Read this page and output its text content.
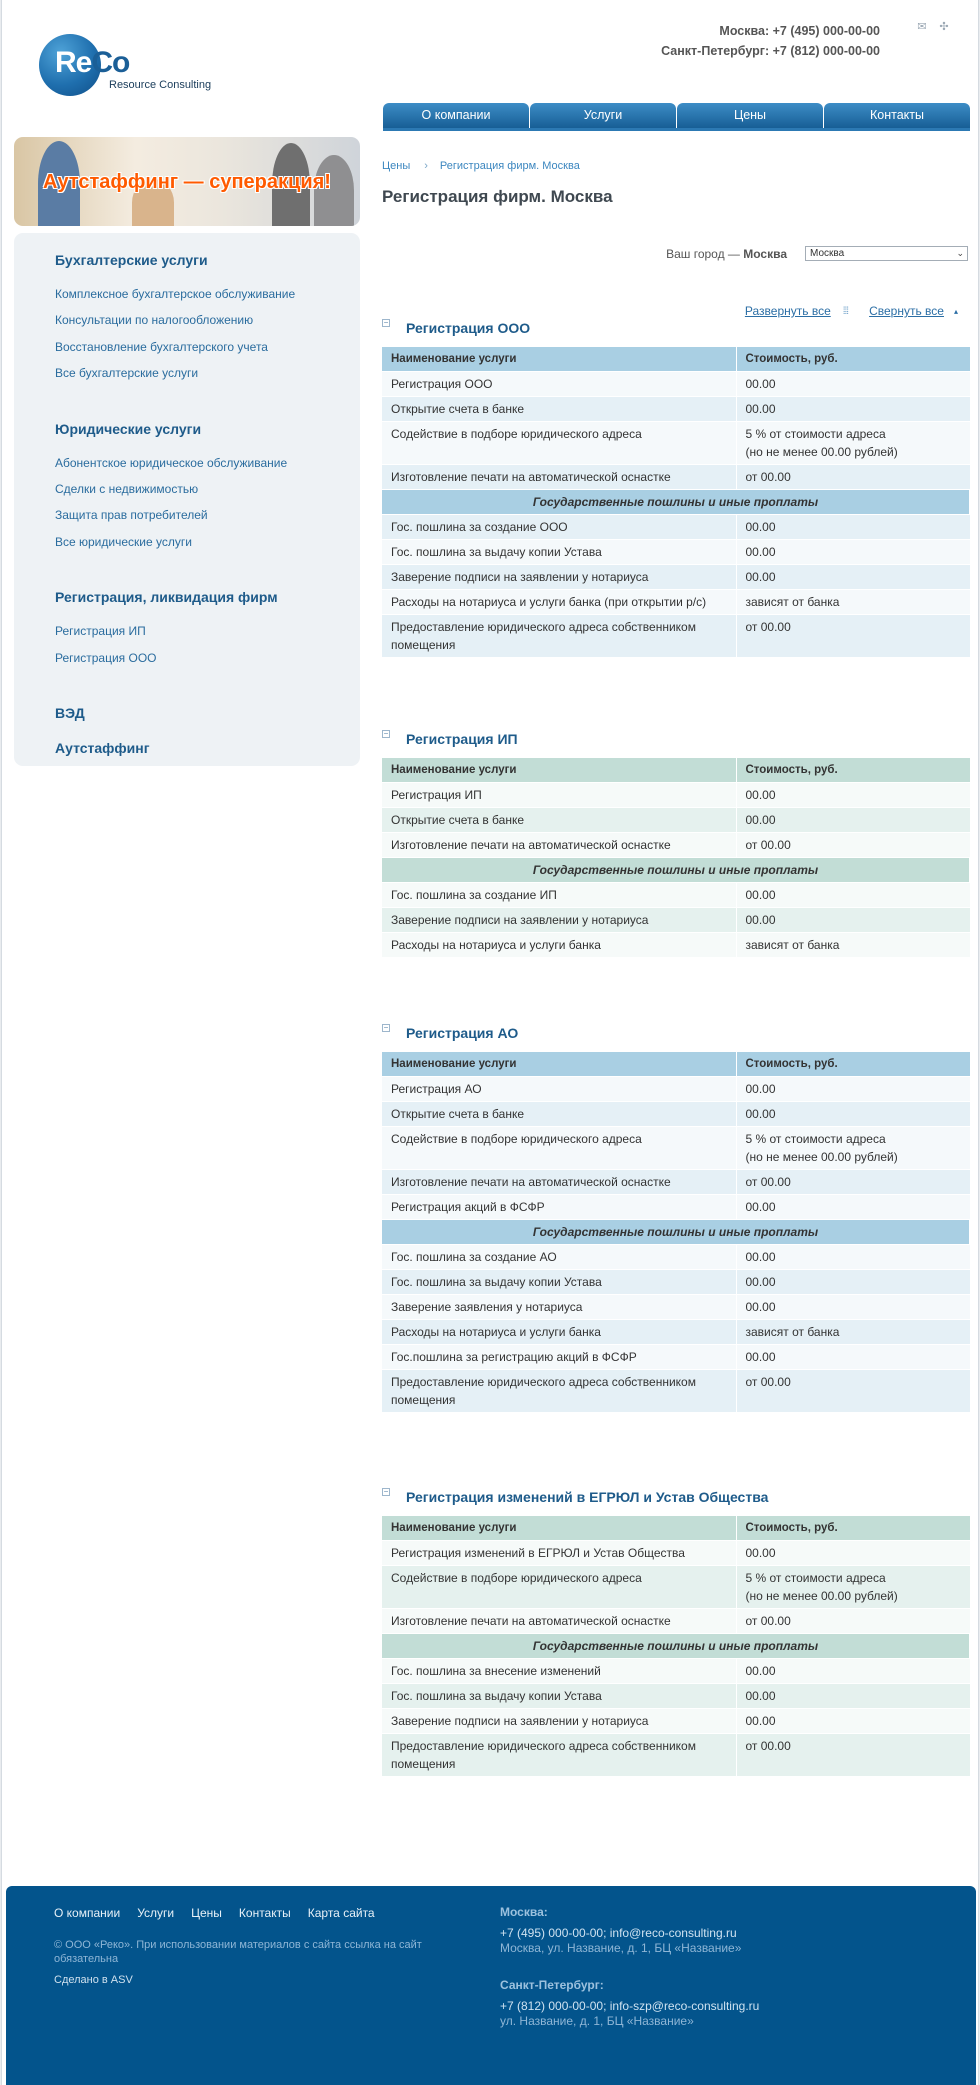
ReCo
Resource Consulting
Москва: +7 (495) 000-00-00
Санкт-Петербург: +7 (812) 000-00-00
✉ ✣
О компании	Услуги	Цены	Контакты
Аутстаффинг — суперакция!
Бухгалтерские услуги
Комплексное бухгалтерское обслуживание
Консультации по налогообложению
Восстановление бухгалтерского учета
Все бухгалтерские услуги
Юридические услуги
Абонентское юридическое обслуживание
Сделки с недвижимостью
Защита прав потребителей
Все юридические услуги
Регистрация, ликвидация фирм
Регистрация ИП
Регистрация ООО
ВЭД
Аутстаффинг
Цены › Регистрация фирм. Москва
Регистрация фирм. Москва
Ваш город — Москва	Москва	⌄
Развернуть все ⁞⁞⁞ Свернуть все ▴
− Регистрация ООО
Наименование услуги	Стоимость, руб.
Регистрация ООО	00.00
Открытие счета в банке	00.00
Содействие в подборе юридического адреса	5 % от стоимости адреса
(но не менее 00.00 рублей)
Изготовление печати на автоматической оснастке	от 00.00
Государственные пошлины и иные проплаты	
Гос. пошлина за создание ООО	00.00
Гос. пошлина за выдачу копии Устава	00.00
Заверение подписи на заявлении у нотариуса	00.00
Расходы на нотариуса и услуги банка (при открытии р/с)	зависят от банка
Предоставление юридического адреса собственником помещения	от 00.00
− Регистрация ИП
Наименование услуги	Стоимость, руб.
Регистрация ИП	00.00
Открытие счета в банке	00.00
Изготовление печати на автоматической оснастке	от 00.00
Государственные пошлины и иные проплаты	
Гос. пошлина за создание ИП	00.00
Заверение подписи на заявлении у нотариуса	00.00
Расходы на нотариуса и услуги банка	зависят от банка
− Регистрация АО
Наименование услуги	Стоимость, руб.
Регистрация АО	00.00
Открытие счета в банке	00.00
Содействие в подборе юридического адреса	5 % от стоимости адреса
(но не менее 00.00 рублей)
Изготовление печати на автоматической оснастке	от 00.00
Регистрация акций в ФСФР	00.00
Государственные пошлины и иные проплаты	
Гос. пошлина за создание АО	00.00
Гос. пошлина за выдачу копии Устава	00.00
Заверение заявления у нотариуса	00.00
Расходы на нотариуса и услуги банка	зависят от банка
Гос.пошлина за регистрацию акций в ФСФР	00.00
Предоставление юридического адреса собственником помещения	от 00.00
− Регистрация изменений в ЕГРЮЛ и Устав Общества
Наименование услуги	Стоимость, руб.
Регистрация изменений в ЕГРЮЛ и Устав Общества	00.00
Содействие в подборе юридического адреса	5 % от стоимости адреса
(но не менее 00.00 рублей)
Изготовление печати на автоматической оснастке	от 00.00
Государственные пошлины и иные проплаты	
Гос. пошлина за внесение изменений	00.00
Гос. пошлина за выдачу копии Устава	00.00
Заверение подписи на заявлении у нотариуса	00.00
Предоставление юридического адреса собственником помещения	от 00.00
О компании Услуги Цены Контакты Карта сайта
© ООО «Реко». При использовании материалов с сайта ссылка на сайт обязательна
Сделано в ASV
Москва:
+7 (495) 000-00-00; info@reco-consulting.ru
Москва, ул. Название, д. 1, БЦ «Название»
Санкт-Петербург:
+7 (812) 000-00-00; info-szp@reco-consulting.ru
ул. Название, д. 1, БЦ «Название»
